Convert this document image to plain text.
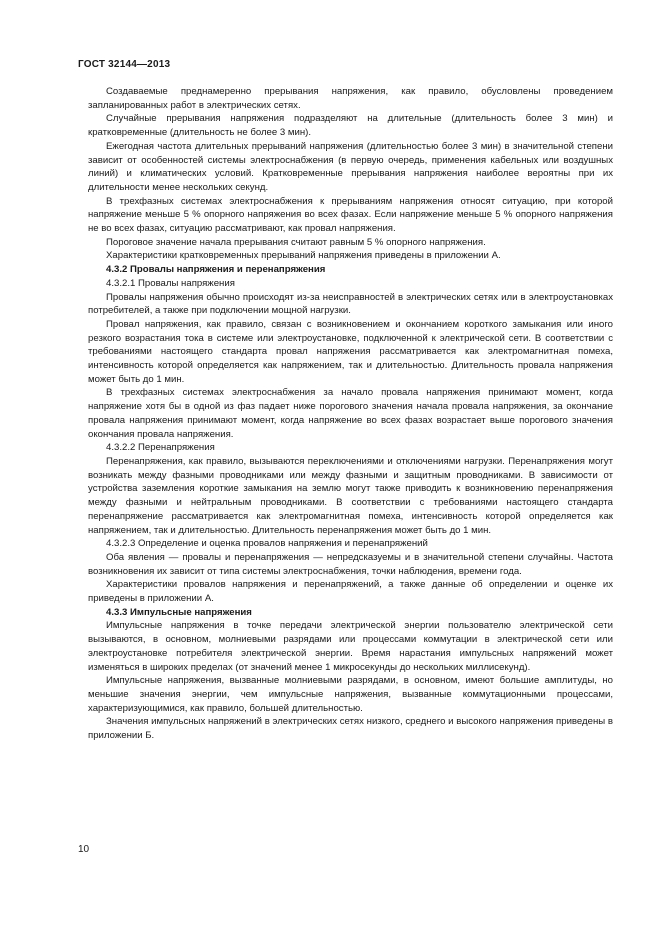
ГОСТ 32144—2013

Создаваемые преднамеренно прерывания напряжения, как правило, обусловлены проведением запланированных работ в электрических сетях.

Случайные прерывания напряжения подразделяют на длительные (длительность более 3 мин) и кратковременные (длительность не более 3 мин).

Ежегодная частота длительных прерываний напряжения (длительностью более 3 мин) в значительной степени зависит от особенностей системы электроснабжения (в первую очередь, применения кабельных или воздушных линий) и климатических условий. Кратковременные прерывания напряжения наиболее вероятны при их длительности менее нескольких секунд.

В трехфазных системах электроснабжения к прерываниям напряжения относят ситуацию, при которой напряжение меньше 5 % опорного напряжения во всех фазах. Если напряжение меньше 5 % опорного напряжения не во всех фазах, ситуацию рассматривают, как провал напряжения.

Пороговое значение начала прерывания считают равным 5 % опорного напряжения.

Характеристики кратковременных прерываний напряжения приведены в приложении А.

4.3.2 Провалы напряжения и перенапряжения

4.3.2.1 Провалы напряжения

Провалы напряжения обычно происходят из-за неисправностей в электрических сетях или в электроустановках потребителей, а также при подключении мощной нагрузки.

Провал напряжения, как правило, связан с возникновением и окончанием короткого замыкания или иного резкого возрастания тока в системе или электроустановке, подключенной к электрической сети. В соответствии с требованиями настоящего стандарта провал напряжения рассматривается как электромагнитная помеха, интенсивность которой определяется как напряжением, так и длительностью. Длительность провала напряжения может быть до 1 мин.

В трехфазных системах электроснабжения за начало провала напряжения принимают момент, когда напряжение хотя бы в одной из фаз падает ниже порогового значения начала провала напряжения, за окончание провала напряжения принимают момент, когда напряжение во всех фазах возрастает выше порогового значения окончания провала напряжения.

4.3.2.2 Перенапряжения

Перенапряжения, как правило, вызываются переключениями и отключениями нагрузки. Перенапряжения могут возникать между фазными проводниками или между фазными и защитным проводниками. В зависимости от устройства заземления короткие замыкания на землю могут также приводить к возникновению перенапряжения между фазными и нейтральным проводниками. В соответствии с требованиями настоящего стандарта перенапряжение рассматривается как электромагнитная помеха, интенсивность которой определяется как напряжением, так и длительностью. Длительность перенапряжения может быть до 1 мин.

4.3.2.3 Определение и оценка провалов напряжения и перенапряжений

Оба явления — провалы и перенапряжения — непредсказуемы и в значительной степени случайны. Частота возникновения их зависит от типа системы электроснабжения, точки наблюдения, времени года.

Характеристики провалов напряжения и перенапряжений, а также данные об определении и оценке их приведены в приложении А.

4.3.3 Импульсные напряжения

Импульсные напряжения в точке передачи электрической энергии пользователю электрической сети вызываются, в основном, молниевыми разрядами или процессами коммутации в электрической сети или электроустановке потребителя электрической энергии. Время нарастания импульсных напряжений может изменяться в широких пределах (от значений менее 1 микросекунды до нескольких миллисекунд).

Импульсные напряжения, вызванные молниевыми разрядами, в основном, имеют большие амплитуды, но меньшие значения энергии, чем импульсные напряжения, вызванные коммутационными процессами, характеризующимися, как правило, большей длительностью.

Значения импульсных напряжений в электрических сетях низкого, среднего и высокого напряжения приведены в приложении Б.

10
